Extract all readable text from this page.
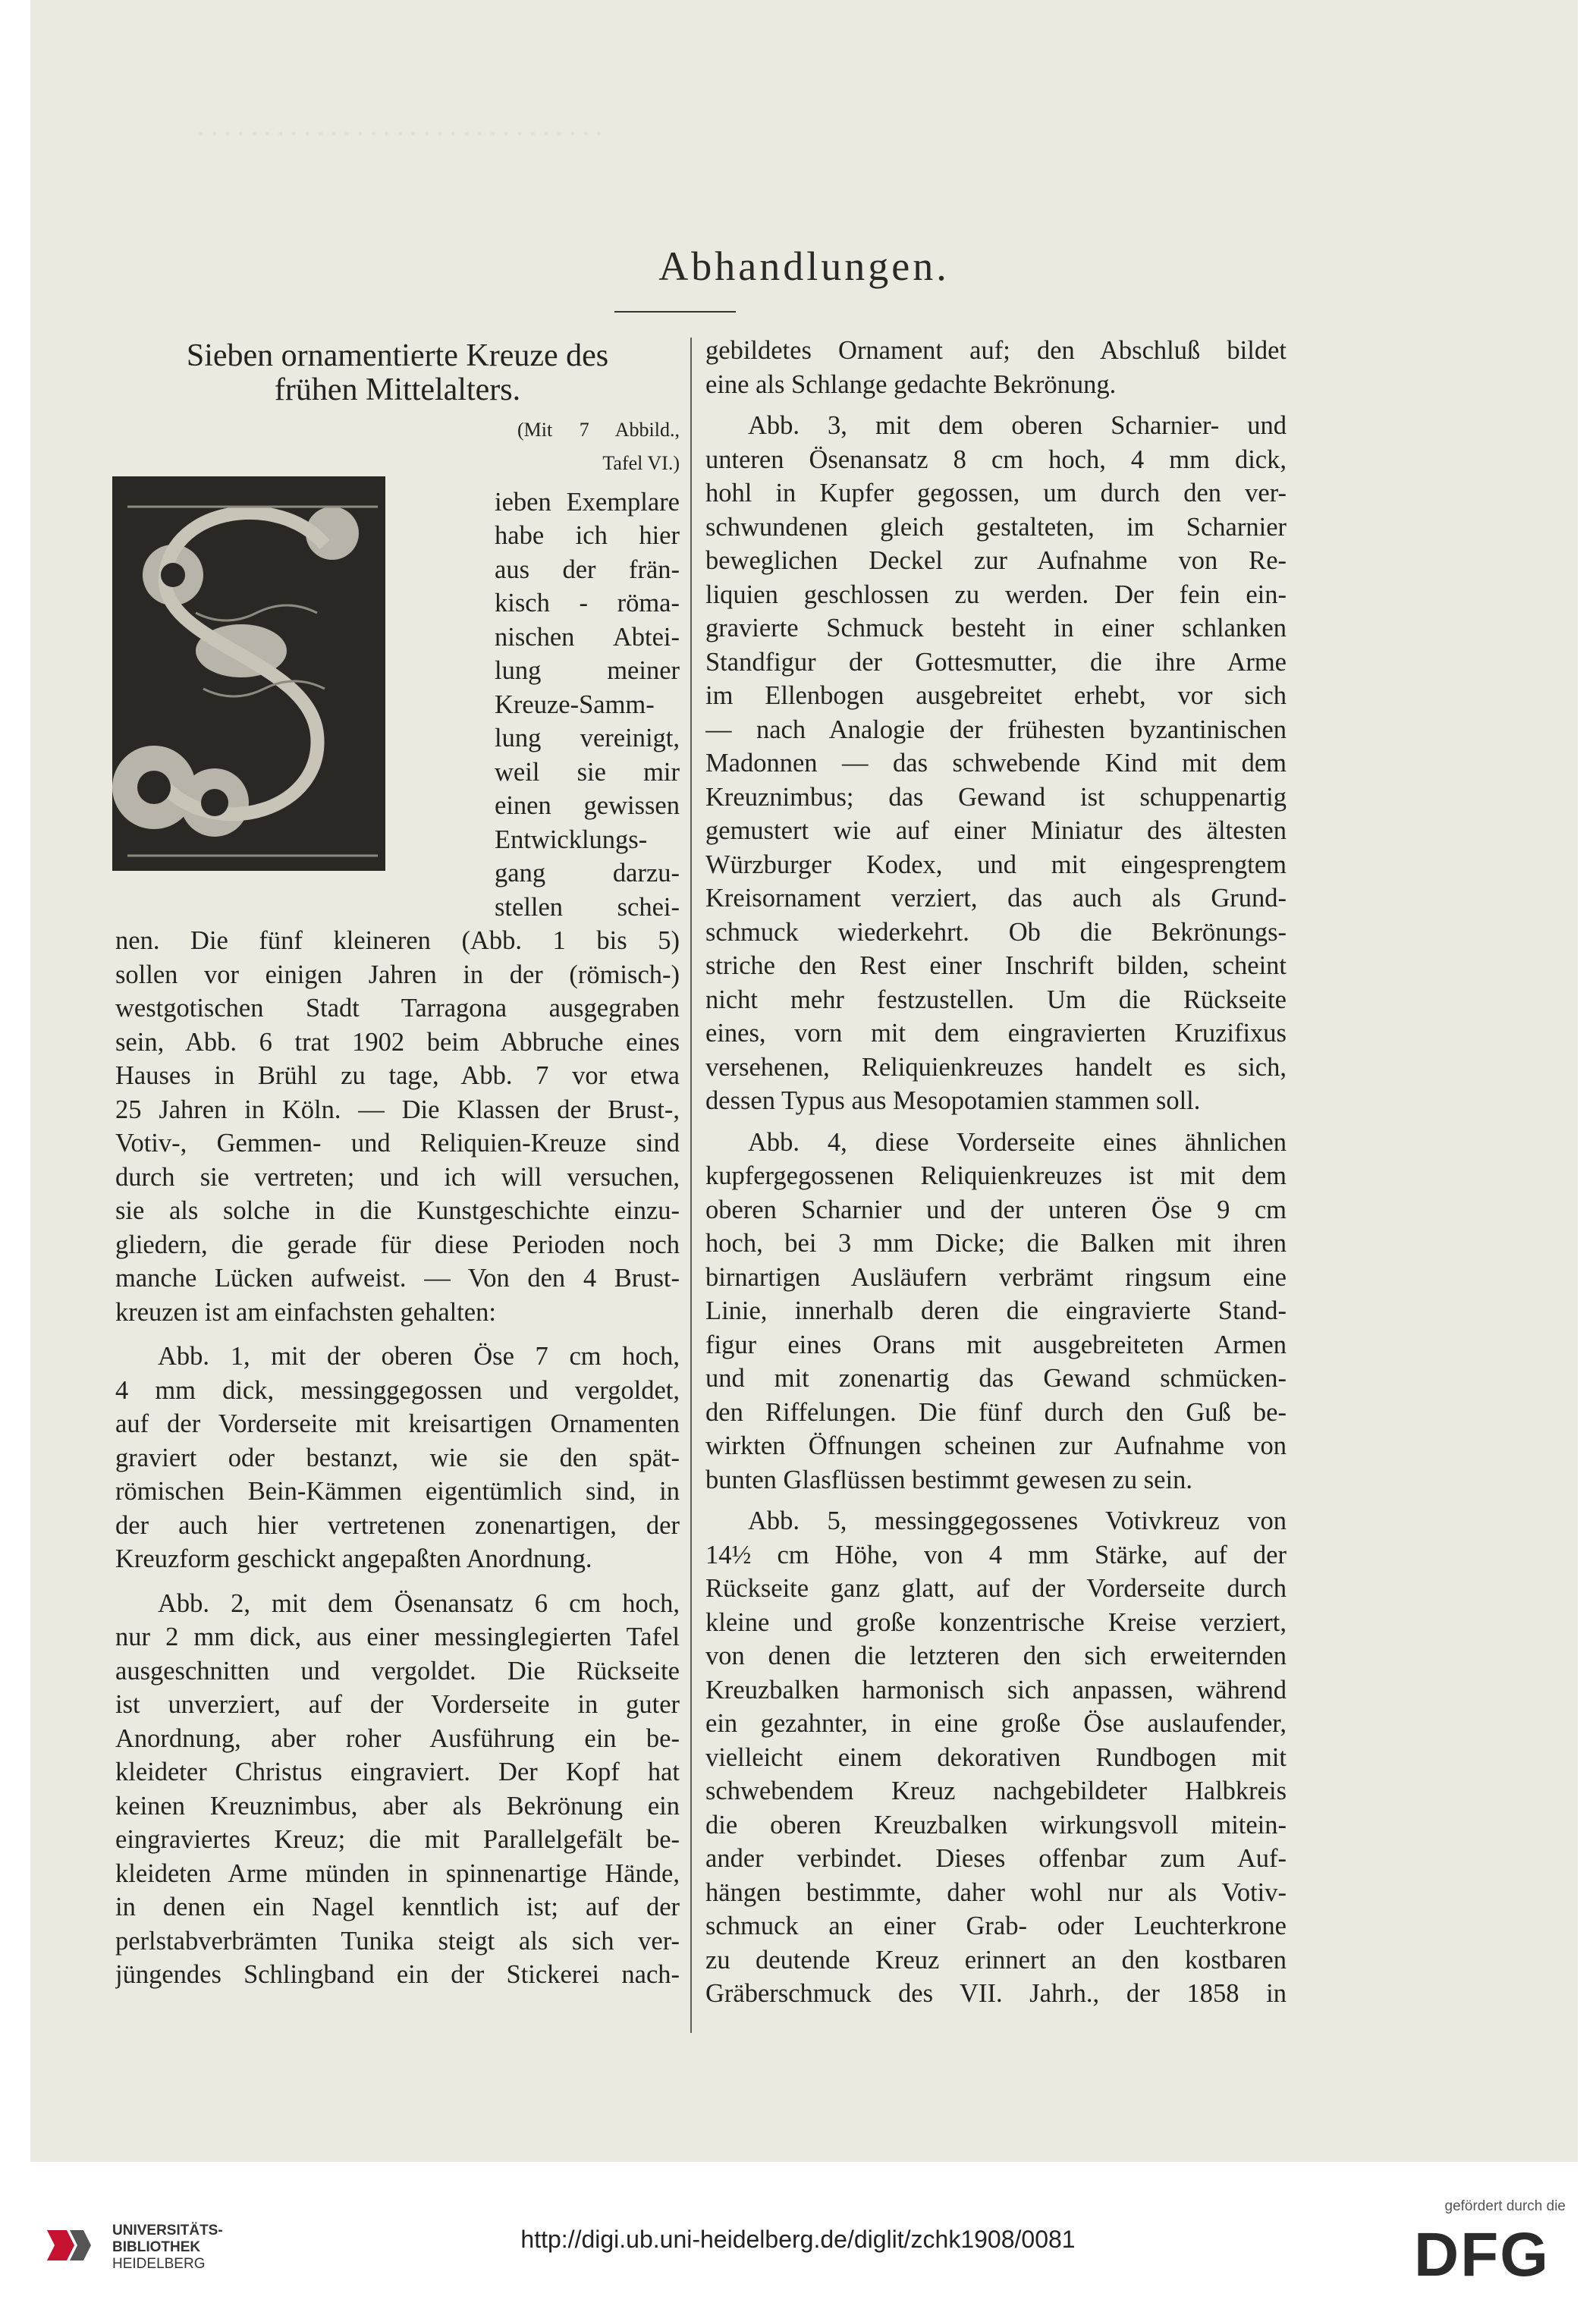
· · · · · · · · · · · · · · · · · · · · · · · · · · · · · · ·
Abhandlungen.
Sieben ornamentierte Kreuze des
frühen Mittelalters.
(Mit 7 Abbild.,
Tafel VI.)
ieben Exemplare
habe ich hier
aus der frän-
kisch - röma-
nischen Abtei-
lung meiner
Kreuze-Samm-
lung vereinigt,
weil sie mir
einen gewissen
Entwicklungs-
gang darzu-
stellen schei-
nen. Die fünf kleineren (Abb. 1 bis 5)
sollen vor einigen Jahren in der (römisch-)
westgotischen Stadt Tarragona ausgegraben
sein, Abb. 6 trat 1902 beim Abbruche eines
Hauses in Brühl zu tage, Abb. 7 vor etwa
25 Jahren in Köln. — Die Klassen der Brust-,
Votiv-, Gemmen- und Reliquien-Kreuze sind
durch sie vertreten; und ich will versuchen,
sie als solche in die Kunstgeschichte einzu-
gliedern, die gerade für diese Perioden noch
manche Lücken aufweist. — Von den 4 Brust-
kreuzen ist am einfachsten gehalten:
Abb. 1, mit der oberen Öse 7 cm hoch,
4 mm dick, messinggegossen und vergoldet,
auf der Vorderseite mit kreisartigen Ornamenten
graviert oder bestanzt, wie sie den spät-
römischen Bein-Kämmen eigentümlich sind, in
der auch hier vertretenen zonenartigen, der
Kreuzform geschickt angepaßten Anordnung.
Abb. 2, mit dem Ösenansatz 6 cm hoch,
nur 2 mm dick, aus einer messinglegierten Tafel
ausgeschnitten und vergoldet. Die Rückseite
ist unverziert, auf der Vorderseite in guter
Anordnung, aber roher Ausführung ein be-
kleideter Christus eingraviert. Der Kopf hat
keinen Kreuznimbus, aber als Bekrönung ein
eingraviertes Kreuz; die mit Parallelgefält be-
kleideten Arme münden in spinnenartige Hände,
in denen ein Nagel kenntlich ist; auf der
perlstabverbrämten Tunika steigt als sich ver-
jüngendes Schlingband ein der Stickerei nach-
gebildetes Ornament auf; den Abschluß bildet
eine als Schlange gedachte Bekrönung.
Abb. 3, mit dem oberen Scharnier- und
unteren Ösenansatz 8 cm hoch, 4 mm dick,
hohl in Kupfer gegossen, um durch den ver-
schwundenen gleich gestalteten, im Scharnier
beweglichen Deckel zur Aufnahme von Re-
liquien geschlossen zu werden. Der fein ein-
gravierte Schmuck besteht in einer schlanken
Standfigur der Gottesmutter, die ihre Arme
im Ellenbogen ausgebreitet erhebt, vor sich
— nach Analogie der frühesten byzantinischen
Madonnen — das schwebende Kind mit dem
Kreuznimbus; das Gewand ist schuppenartig
gemustert wie auf einer Miniatur des ältesten
Würzburger Kodex, und mit eingesprengtem
Kreisornament verziert, das auch als Grund-
schmuck wiederkehrt. Ob die Bekrönungs-
striche den Rest einer Inschrift bilden, scheint
nicht mehr festzustellen. Um die Rückseite
eines, vorn mit dem eingravierten Kruzifixus
versehenen, Reliquienkreuzes handelt es sich,
dessen Typus aus Mesopotamien stammen soll.
Abb. 4, diese Vorderseite eines ähnlichen
kupfergegossenen Reliquienkreuzes ist mit dem
oberen Scharnier und der unteren Öse 9 cm
hoch, bei 3 mm Dicke; die Balken mit ihren
birnartigen Ausläufern verbrämt ringsum eine
Linie, innerhalb deren die eingravierte Stand-
figur eines Orans mit ausgebreiteten Armen
und mit zonenartig das Gewand schmücken-
den Riffelungen. Die fünf durch den Guß be-
wirkten Öffnungen scheinen zur Aufnahme von
bunten Glasflüssen bestimmt gewesen zu sein.
Abb. 5, messinggegossenes Votivkreuz von
14½ cm Höhe, von 4 mm Stärke, auf der
Rückseite ganz glatt, auf der Vorderseite durch
kleine und große konzentrische Kreise verziert,
von denen die letzteren den sich erweiternden
Kreuzbalken harmonisch sich anpassen, während
ein gezahnter, in eine große Öse auslaufender,
vielleicht einem dekorativen Rundbogen mit
schwebendem Kreuz nachgebildeter Halbkreis
die oberen Kreuzbalken wirkungsvoll mitein-
ander verbindet. Dieses offenbar zum Auf-
hängen bestimmte, daher wohl nur als Votiv-
schmuck an einer Grab- oder Leuchterkrone
zu deutende Kreuz erinnert an den kostbaren
Gräberschmuck des VII. Jahrh., der 1858 in
UNIVERSITÄTS-
BIBLIOTHEK
HEIDELBERG
http://digi.ub.uni-heidelberg.de/diglit/zchk1908/0081
gefördert durch die
DFG
